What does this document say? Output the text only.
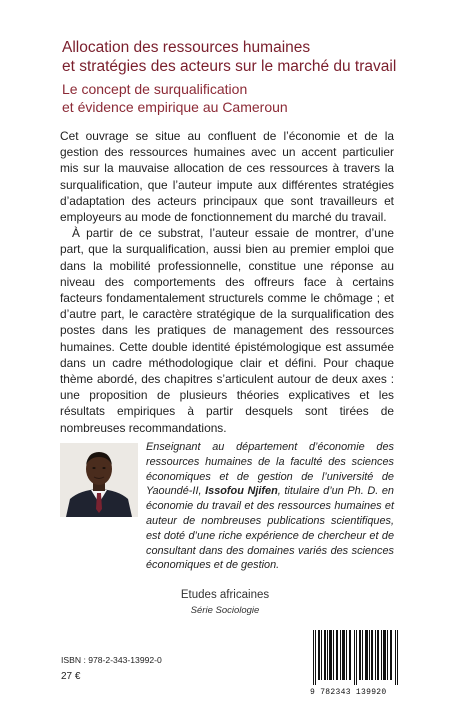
Allocation des ressources humaines
et stratégies des acteurs sur le marché du travail
Le concept de surqualification
et évidence empirique au Cameroun

Cet ouvrage se situe au confluent de l’économie et de la gestion des ressources humaines avec un accent particulier mis sur la mauvaise allocation de ces ressources à travers la surqualification, que l’auteur impute aux différentes stratégies d’adaptation des acteurs principaux que sont travailleurs et employeurs au mode de fonctionnement du marché du travail.

À partir de ce substrat, l’auteur essaie de montrer, d’une part, que la surqualification, aussi bien au premier emploi que dans la mobilité professionnelle, constitue une réponse au niveau des comportements des offreurs face à certains facteurs fondamentalement structurels comme le chômage ; et d’autre part, le caractère stratégique de la surqualification des postes dans les pratiques de management des ressources humaines. Cette double identité épistémologique est assumée dans un cadre méthodologique clair et défini. Pour chaque thème abordé, des chapitres s’articulent autour de deux axes : une proposition de plusieurs théories explicatives et les résultats empiriques à partir desquels sont tirées de nombreuses recommandations.

Enseignant au département d’économie des ressources humaines de la faculté des sciences économiques et de gestion de l’université de Yaoundé-II, Issofou Njifen, titulaire d’un Ph. D. en économie du travail et des ressources humaines et auteur de nombreuses publications scientifiques, est doté d’une riche expérience de chercheur et de consultant dans des domaines variés des sciences économiques et de gestion.

Etudes africaines
Série Sociologie
ISBN : 978-2-343-13992-0
27 €
9 782343 139920
